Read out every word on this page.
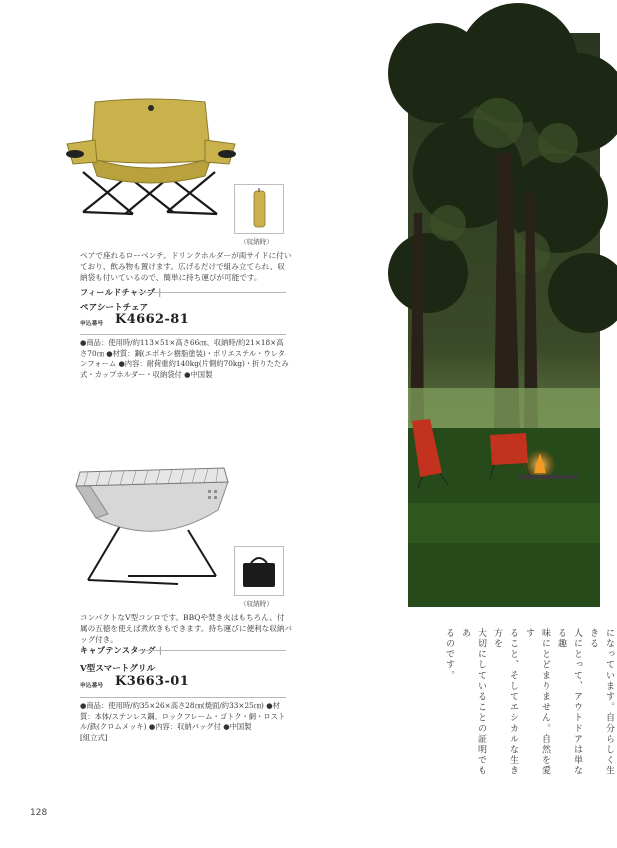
（収納時）
ペアで座れるローベンチ。ドリンクホルダーが両サイドに付いており、飲み物も置けます。広げるだけで組み立てられ、収納袋も付いているので、簡単に持ち運びが可能です。
フィールドチャンプ |
ペアシートチェア
申込番号 K4662-81
●商品：使用時/約113×51×高さ66㎝、収納時/約21×18×高さ70㎝ ●材質：鋼(エポキシ樹脂塗装)・ポリエステル・ウレタンフォーム ●内容：耐荷重約140kg(片側約70kg)・折りたたみ式・カップホルダー・収納袋付 ●中国製
（収納時）
コンパクトなV型コンロです。BBQや焚き火はもちろん、付属の五徳を使えば煮炊きもできます。持ち運びに便利な収納バッグ付き。
キャプテンスタッグ |
V型スマートグリル
申込番号 K3663-01
●商品：使用時/約35×26×高さ28㎝(焼面/約33×25㎝) ●材質：本体/ステンレス鋼、ロックフレーム・ゴトク・網・ロストル/鉄(クロムメッキ) ●内容：収納バッグ付 ●中国製
[組立式]	になっています。自分らしく生きる
人にとって、アウトドアは単なる趣
味にとどまりません。自然を愛す
ること、そしてエシカルな生き方を
大切にしていることの証明でもあ
るのです。
128
